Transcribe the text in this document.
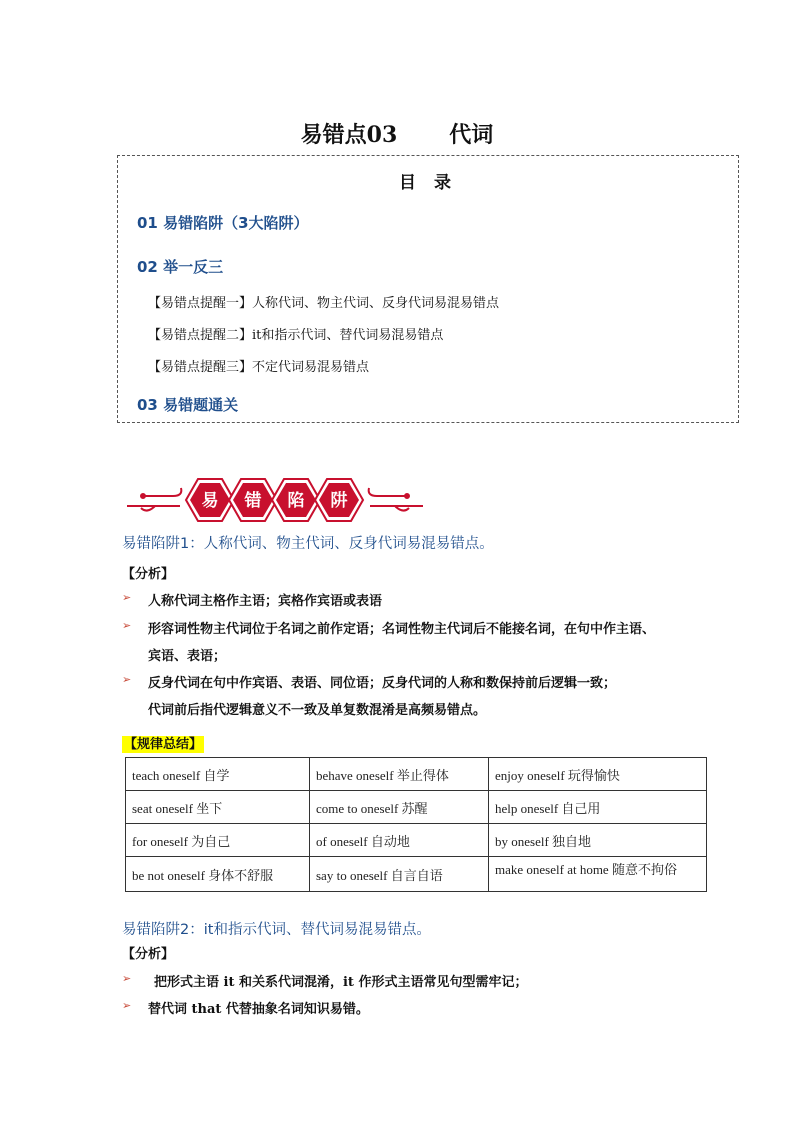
易错点03 代词
目 录
01 易错陷阱（3大陷阱）
02 举一反三
【易错点提醒一】人称代词、物主代词、反身代词易混易错点
【易错点提醒二】it和指示代词、替代词易混易错点
【易错点提醒三】不定代词易混易错点
03 易错题通关
易 错 陷 阱
易错陷阱1：人称代词、物主代词、反身代词易混易错点。
【分析】
➢ 人称代词主格作主语；宾格作宾语或表语
➢ 形容词性物主代词位于名词之前作定语；名词性物主代词后不能接名词，在句中作主语、
宾语、表语；
➢ 反身代词在句中作宾语、表语、同位语；反身代词的人称和数保持前后逻辑一致；
代词前后指代逻辑意义不一致及单复数混淆是高频易错点。
【规律总结】
teach oneself 自学	behave oneself 举止得体	enjoy oneself 玩得愉快
seat oneself 坐下	come to oneself 苏醒	help oneself 自己用
for oneself 为自己	of oneself 自动地	by oneself 独自地
be not oneself 身体不舒服	say to oneself 自言自语	make oneself at home 随意不拘俗
易错陷阱2：it和指示代词、替代词易混易错点。
【分析】
➢ 把形式主语 it 和关系代词混淆，it 作形式主语常见句型需牢记；
➢ 替代词 that 代替抽象名词知识易错。
